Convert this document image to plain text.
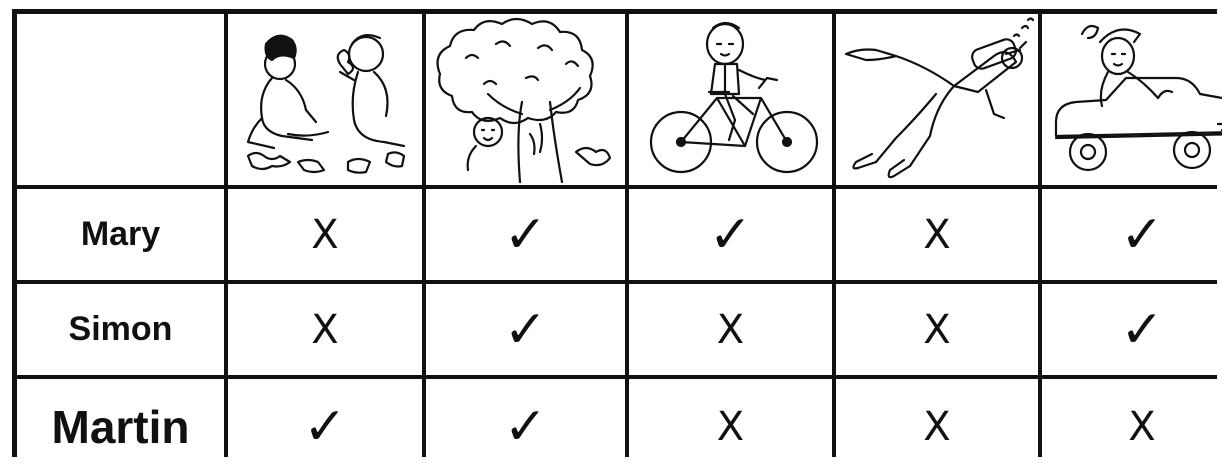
Mary	X	✓	✓	X	✓
Simon	X	✓	X	X	✓
Martin ✓	✓	X	X	X
